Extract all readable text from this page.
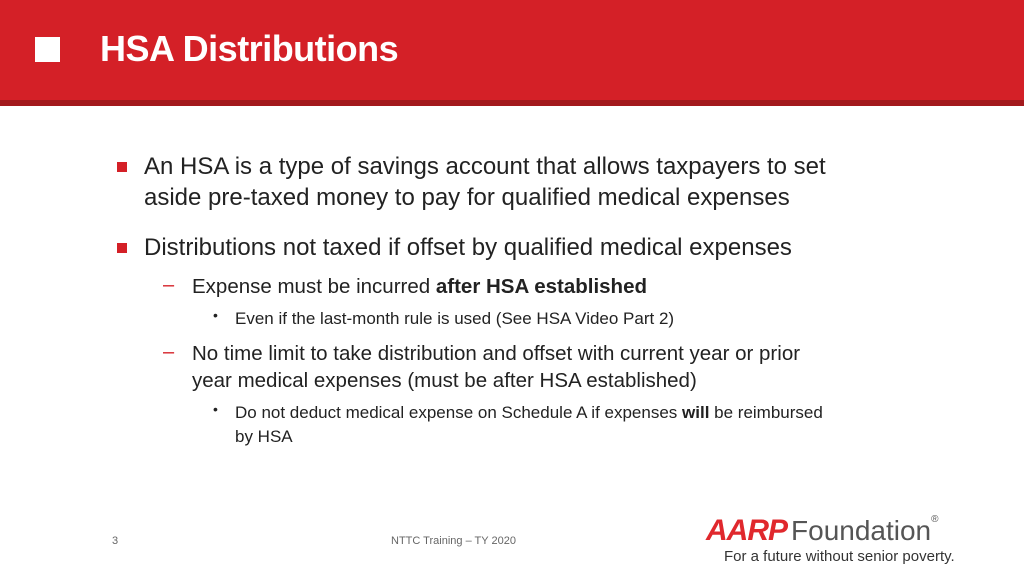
HSA Distributions
An HSA is a type of savings account that allows taxpayers to set
aside pre-taxed money to pay for qualified medical expenses
Distributions not taxed if offset by qualified medical expenses
– Expense must be incurred after HSA established
• Even if the last-month rule is used (See HSA Video Part 2)
– No time limit to take distribution and offset with current year or prior
year medical expenses (must be after HSA established)
• Do not deduct medical expense on Schedule A if expenses will be reimbursed
by HSA
3	NTTC Training – TY 2020	AARP Foundation®
For a future without senior poverty.
